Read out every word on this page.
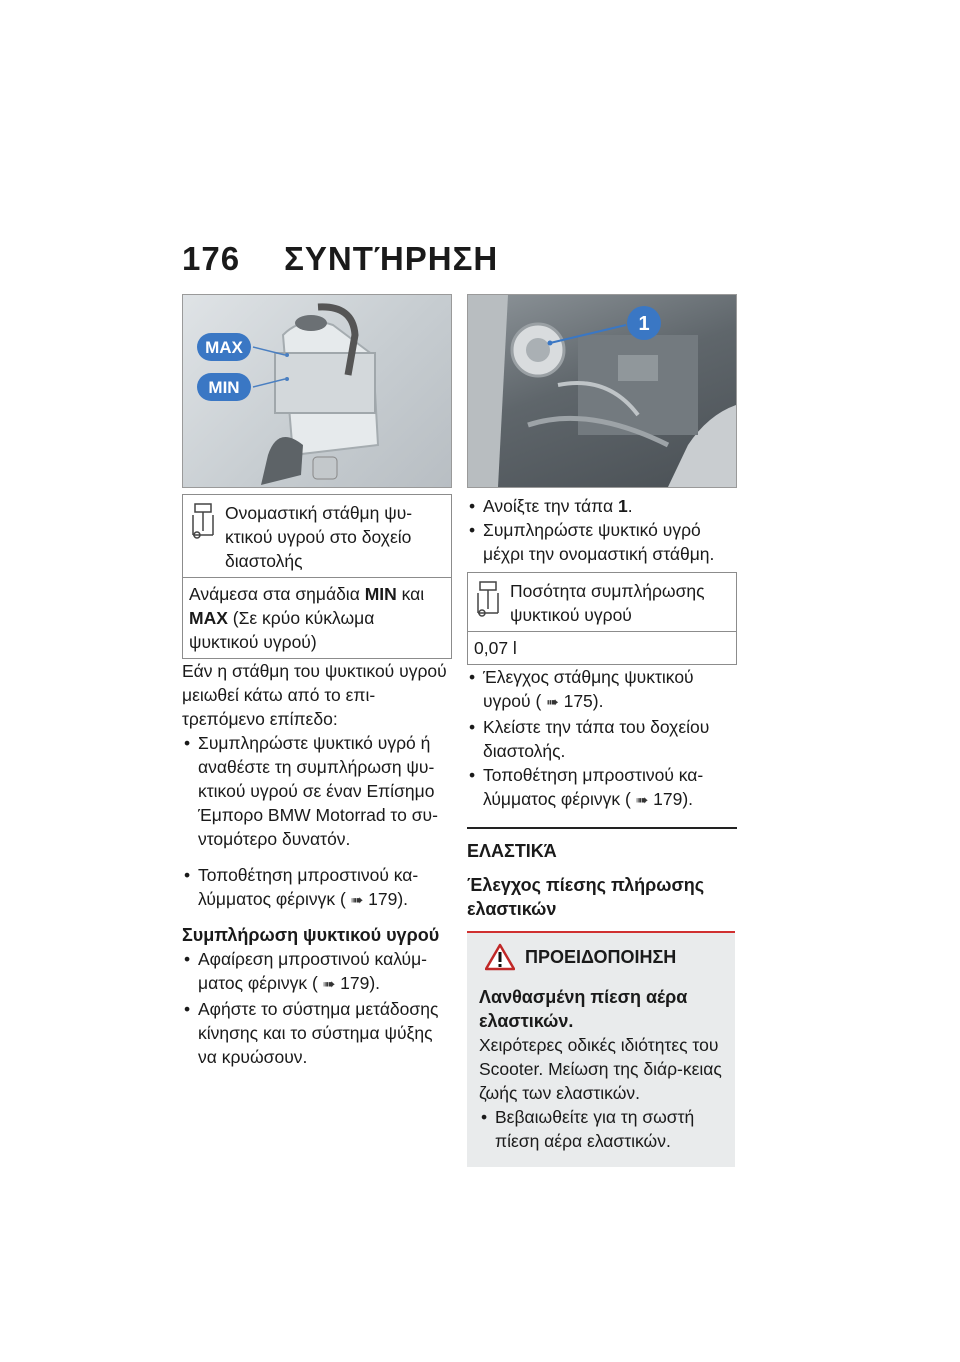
176 ΣΥΝΤΉΡΗΣΗ
MAX
MIN
Ονομαστική στάθμη ψυ-κτικού υγρού στο δοχείο διαστολής
Ανάμεσα στα σημάδια MIN και MAX (Σε κρύο κύκλωμα ψυκτικού υγρού)

Εάν η στάθμη του ψυκτικού υγρού μειωθεί κάτω από το επι-τρεπόμενο επίπεδο:

• Συμπληρώστε ψυκτικό υγρό ή αναθέστε τη συμπλήρωση ψυ-κτικού υγρού σε έναν Επίσημο Έμπορο BMW Motorrad το συ-ντομότερο δυνατόν.
• Τοποθέτηση μπροστινού κα-λύμματος φέρινγκ ( ➠ 179).
Συμπλήρωση ψυκτικού υγρού
• Αφαίρεση μπροστινού καλύμ-ματος φέρινγκ ( ➠ 179).
• Αφήστε το σύστημα μετάδοσης κίνησης και το σύστημα ψύξης να κρυώσουν.
1
• Ανοίξτε την τάπα 1.
• Συμπληρώστε ψυκτικό υγρό μέχρι την ονομαστική στάθμη.
Ποσότητα συμπλήρωσης ψυκτικού υγρού
0,07 l
• Έλεγχος στάθμης ψυκτικού υγρού ( ➠ 175).
• Κλείστε την τάπα του δοχείου διαστολής.
• Τοποθέτηση μπροστινού κα-λύμματος φέρινγκ ( ➠ 179).
ΕΛΑΣΤΙΚΆ
Έλεγχος πίεσης πλήρωσης ελαστικών
ΠΡΟΕΙΔΟΠΟΙΗΣΗ
Λανθασμένη πίεση αέρα ελαστικών.

Χειρότερες οδικές ιδιότητες του Scooter. Μείωση της διάρ-κειας ζωής των ελαστικών.

• Βεβαιωθείτε για τη σωστή πίεση αέρα ελαστικών.
